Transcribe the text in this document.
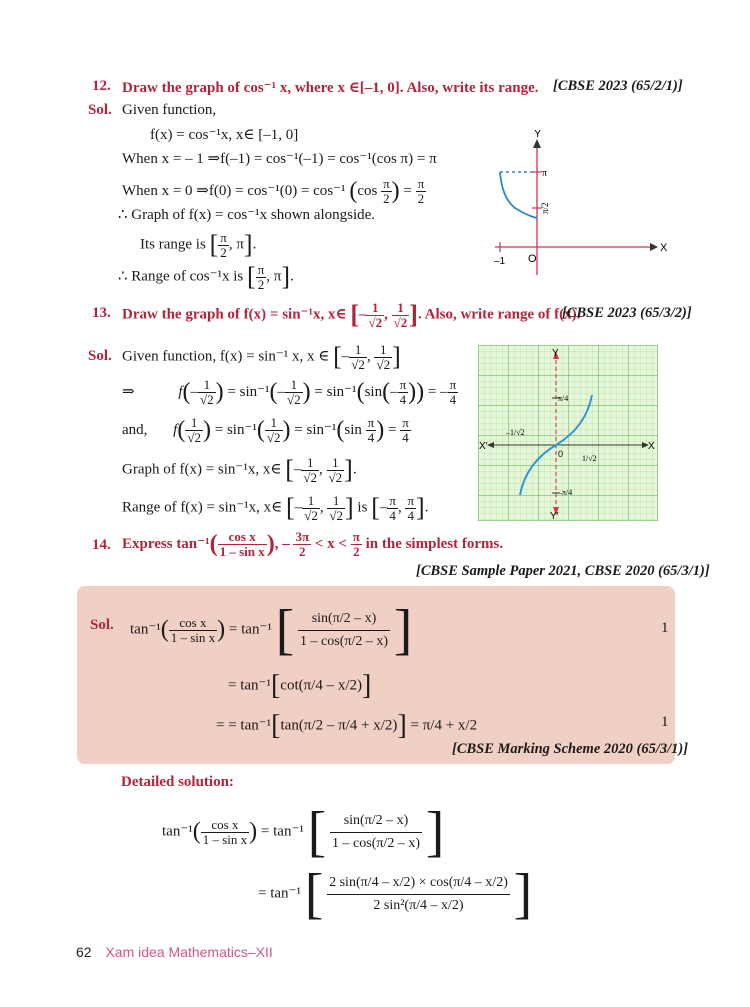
12. Draw the graph of cos⁻¹ x, where x ∈[–1, 0]. Also, write its range. [CBSE 2023 (65/2/1)]
Sol. Given function,
f(x) = cos⁻¹x, x∈ [–1, 0]
When x = – 1 ⇒f(–1) = cos⁻¹(–1) = cos⁻¹(cos π) = π
When x = 0 ⇒f(0) = cos⁻¹(0) = cos⁻¹ ($\cos \frac{\pi}{2}$ ) = $\frac{\pi}{2}$
∴ Graph of f(x) = cos⁻¹x shown alongside.
Its range is [ $\frac{\pi}{2}$ , π].
∴ Range of cos⁻¹x is [ $\frac{\pi}{2}$ , π].
Y
X
O
–1
π
π/2
13. Draw the graph of f(x) = sin⁻¹x, x∈ [– $\frac{1}{√2}$ , $\frac{1}{√2}$ ]. Also, write range of f(x).
[CBSE 2023 (65/3/2)]
Sol. Given function, f(x) = sin⁻¹ x, x ∈ [– $\frac{1}{√2}$ , $\frac{1}{√2}$ ]
⇒	$f(- \frac{1}{√2}$ ) = $\sin^{-1}(- \frac{1}{√2}$ ) = $\sin^{-1}(\sin(- \frac{\pi}{4}$ )) = – $\frac{\pi}{4}$
and, $f( \frac{1}{√2}$ ) = $\sin^{-1}( \frac{1}{√2}$ ) = $\sin^{-1}(\sin \frac{\pi}{4}$ ) = $\frac{\pi}{4}$
Graph of f(x) = sin⁻¹x, x∈ [– $\frac{1}{√2}$ , $\frac{1}{√2}$ ].
Range of f(x) = sin⁻¹x, x∈ [– $\frac{1}{√2}$ , $\frac{1}{√2}$ ] is [– $\frac{\pi}{4}$ , $\frac{\pi}{4}$ ].
Y
Y′
X
X′
0
π/4
–π/4
–1/√2
1/√2
14. Express $\tan^{-1}( \frac{\text{cos x}}{\text{1 – sin x}}$ ), – $\frac{3\pi}{2} < x < \frac{\pi}{2}$ in the simplest forms.
[CBSE Sample Paper 2021, CBSE 2020 (65/3/1)]
Sol. $\tan^{-1}( \frac{\text{cos x}}{\text{1 – sin x}}$ ) = tan⁻¹ [ $\frac{\sin(\pi/2 - x)}{1 - \cos(\pi/2 - x)}$ ]	1
= tan⁻¹[cot(π/4 – x/2)]
= = tan⁻¹[tan(π/2 – π/4 + x/2)] = π/4 + x/2	1
[CBSE Marking Scheme 2020 (65/3/1)]
Detailed solution:
$\tan^{-1}( \frac{\text{cos x}}{\text{1 – sin x}}$ ) = tan⁻¹ [ $\frac{\sin(\pi/2 - x)}{1 - \cos(\pi/2 - x)}$ ]
= tan⁻¹ [ $\frac{2 \sin(\pi/4 - x/2) \times \cos(\pi/4 - x/2)}{\text{2 sin²(π/4 – x/2)}}$ ]
62 Xam idea Mathematics–XII
